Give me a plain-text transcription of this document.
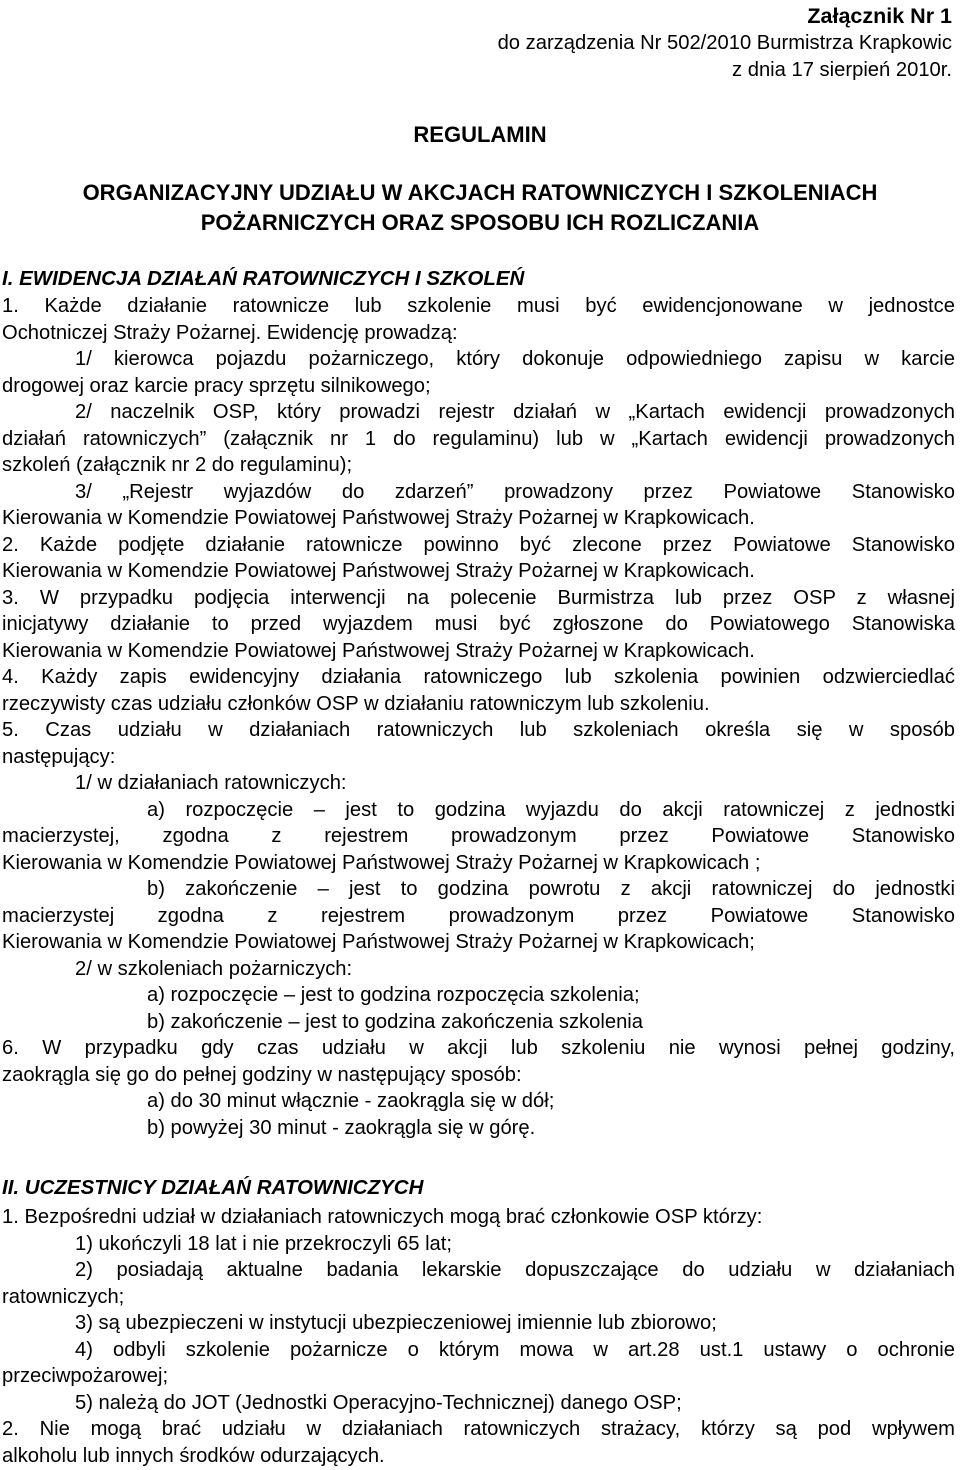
Załącznik Nr 1
do zarządzenia Nr 502/2010 Burmistrza Krapkowic
z dnia 17 sierpień 2010r.
REGULAMIN
ORGANIZACYJNY UDZIAŁU W AKCJACH RATOWNICZYCH I SZKOLENIACH
POŻARNICZYCH ORAZ SPOSOBU ICH ROZLICZANIA
I. EWIDENCJA DZIAŁAŃ RATOWNICZYCH I SZKOLEŃ
1. Każde działanie ratownicze lub szkolenie musi być ewidencjonowane w jednostce
Ochotniczej Straży Pożarnej. Ewidencję prowadzą:
1/ kierowca pojazdu pożarniczego, który dokonuje odpowiedniego zapisu w karcie
drogowej oraz karcie pracy sprzętu silnikowego;
2/ naczelnik OSP, który prowadzi rejestr działań w „Kartach ewidencji prowadzonych
działań ratowniczych” (załącznik nr 1 do regulaminu) lub w „Kartach ewidencji prowadzonych
szkoleń (załącznik nr 2 do regulaminu);
3/ „Rejestr wyjazdów do zdarzeń” prowadzony przez Powiatowe Stanowisko
Kierowania w Komendzie Powiatowej Państwowej Straży Pożarnej w Krapkowicach.
2. Każde podjęte działanie ratownicze powinno być zlecone przez Powiatowe Stanowisko
Kierowania w Komendzie Powiatowej Państwowej Straży Pożarnej w Krapkowicach.
3. W przypadku podjęcia interwencji na polecenie Burmistrza lub przez OSP z własnej
inicjatywy działanie to przed wyjazdem musi być zgłoszone do Powiatowego Stanowiska
Kierowania w Komendzie Powiatowej Państwowej Straży Pożarnej w Krapkowicach.
4. Każdy zapis ewidencyjny działania ratowniczego lub szkolenia powinien odzwierciedlać
rzeczywisty czas udziału członków OSP w działaniu ratowniczym lub szkoleniu.
5. Czas udziału w działaniach ratowniczych lub szkoleniach określa się w sposób
następujący:
1/ w działaniach ratowniczych:
a) rozpoczęcie – jest to godzina wyjazdu do akcji ratowniczej z jednostki
macierzystej, zgodna z rejestrem prowadzonym przez Powiatowe Stanowisko
Kierowania w Komendzie Powiatowej Państwowej Straży Pożarnej w Krapkowicach ;
b) zakończenie – jest to godzina powrotu z akcji ratowniczej do jednostki
macierzystej zgodna z rejestrem prowadzonym przez Powiatowe Stanowisko
Kierowania w Komendzie Powiatowej Państwowej Straży Pożarnej w Krapkowicach;
2/ w szkoleniach pożarniczych:
a) rozpoczęcie – jest to godzina rozpoczęcia szkolenia;
b) zakończenie – jest to godzina zakończenia szkolenia
6. W przypadku gdy czas udziału w akcji lub szkoleniu nie wynosi pełnej godziny,
zaokrągla się go do pełnej godziny w następujący sposób:
a) do 30 minut włącznie - zaokrągla się w dół;
b) powyżej 30 minut - zaokrągla się w górę.
II. UCZESTNICY DZIAŁAŃ RATOWNICZYCH
1. Bezpośredni udział w działaniach ratowniczych mogą brać członkowie OSP którzy:
1) ukończyli 18 lat i nie przekroczyli 65 lat;
2) posiadają aktualne badania lekarskie dopuszczające do udziału w działaniach
ratowniczych;
3) są ubezpieczeni w instytucji ubezpieczeniowej imiennie lub zbiorowo;
4) odbyli szkolenie pożarnicze o którym mowa w art.28 ust.1 ustawy o ochronie
przeciwpożarowej;
5) należą do JOT (Jednostki Operacyjno-Technicznej) danego OSP;
2. Nie mogą brać udziału w działaniach ratowniczych strażacy, którzy są pod wpływem
alkoholu lub innych środków odurzających.
